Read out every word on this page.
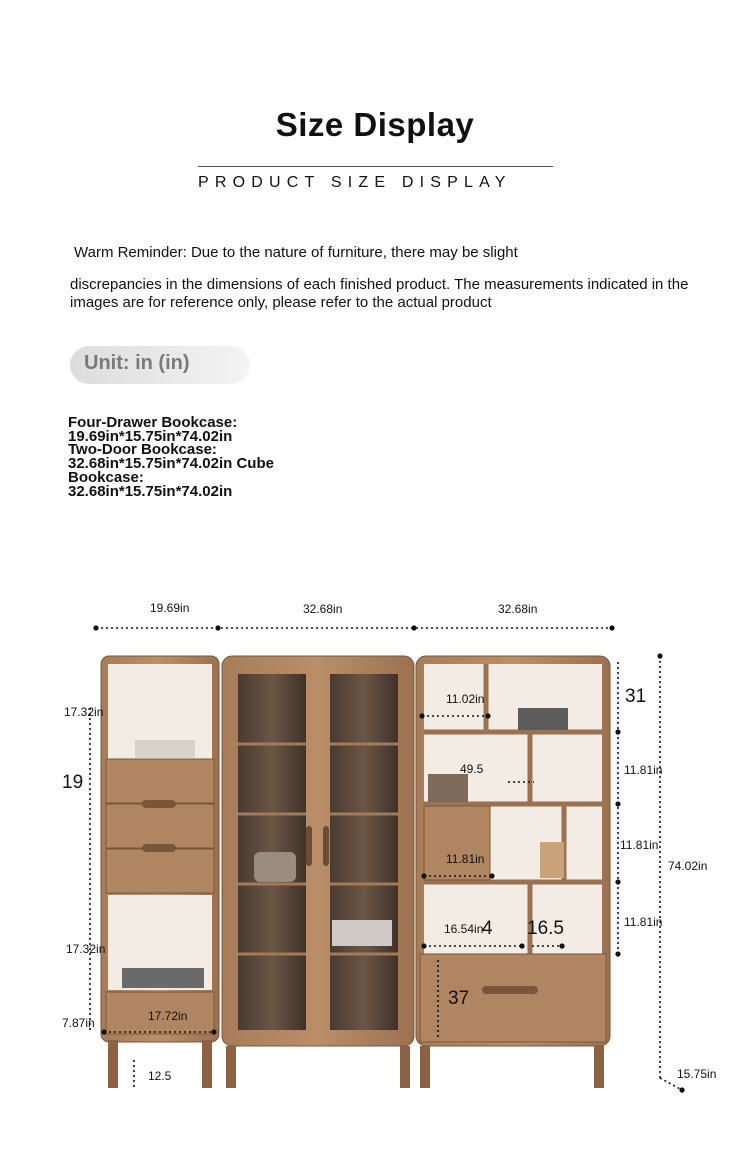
Size Display
PRODUCT SIZE DISPLAY
Warm Reminder: Due to the nature of furniture, there may be slight
discrepancies in the dimensions of each finished product. The measurements indicated in the
images are for reference only, please refer to the actual product
Unit: in (in)
Four-Drawer Bookcase:
19.69in*15.75in*74.02in
Two-Door Bookcase:
32.68in*15.75in*74.02in Cube
Bookcase:
32.68in*15.75in*74.02in
19.69in	32.68in	32.68in
17.32in
19
17.32in
7.87in	17.72in
12.5
31
11.02in
49.5
11.81in
11.81in
11.81in
11.81in
16.54in
4 16.5
37
74.02in
15.75in
